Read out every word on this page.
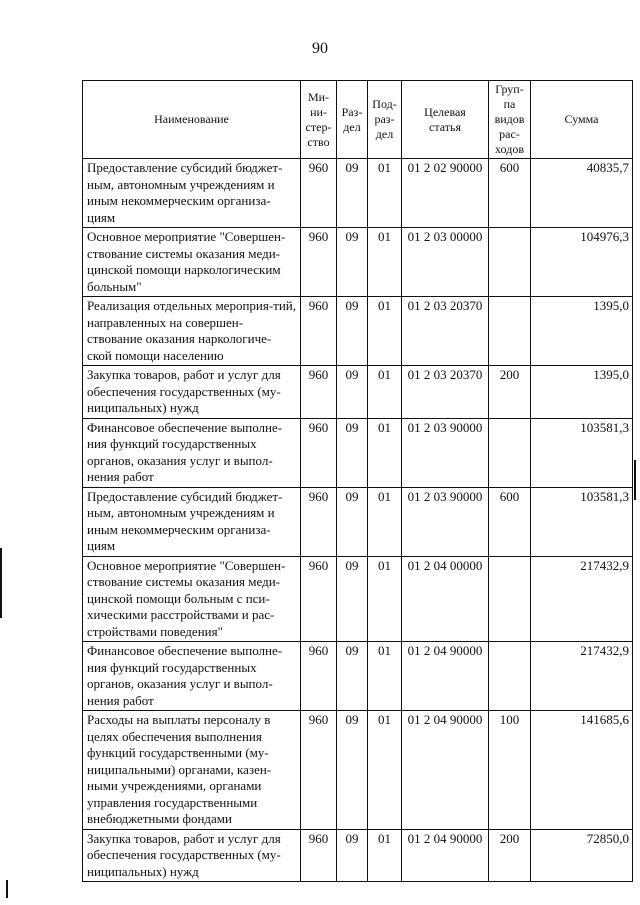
90
Наименование	Ми-
ни-
стер-
ство	Раз-
дел	Под-
раз-
дел	Целевая
статья	Груп-
па
видов
рас-
ходов	Сумма
Предоставление субсидий бюджет-ным, автономным учреждениям и иным некоммерческим организа-циям	960	09	01	01 2 02 90000	600	40835,7
Основное мероприятие "Совершен-ствование системы оказания меди-цинской помощи наркологическим больным"	960	09	01	01 2 03 00000		104976,3
Реализация отдельных мероприя-тий, направленных на совершен-ствование оказания наркологиче-ской помощи населению	960	09	01	01 2 03 20370		1395,0
Закупка товаров, работ и услуг для обеспечения государственных (му-ниципальных) нужд	960	09	01	01 2 03 20370	200	1395,0
Финансовое обеспечение выполне-ния функций государственных органов, оказания услуг и выпол-нения работ	960	09	01	01 2 03 90000		103581,3
Предоставление субсидий бюджет-ным, автономным учреждениям и иным некоммерческим организа-циям	960	09	01	01 2 03 90000	600	103581,3
Основное мероприятие "Совершен-ствование системы оказания меди-цинской помощи больным с пси-хическими расстройствами и рас-стройствами поведения"	960	09	01	01 2 04 00000		217432,9
Финансовое обеспечение выполне-ния функций государственных органов, оказания услуг и выпол-нения работ	960	09	01	01 2 04 90000		217432,9
Расходы на выплаты персоналу в целях обеспечения выполнения функций государственными (му-ниципальными) органами, казен-ными учреждениями, органами управления государственными внебюджетными фондами	960	09	01	01 2 04 90000	100	141685,6
Закупка товаров, работ и услуг для обеспечения государственных (му-ниципальных) нужд	960	09	01	01 2 04 90000	200	72850,0
